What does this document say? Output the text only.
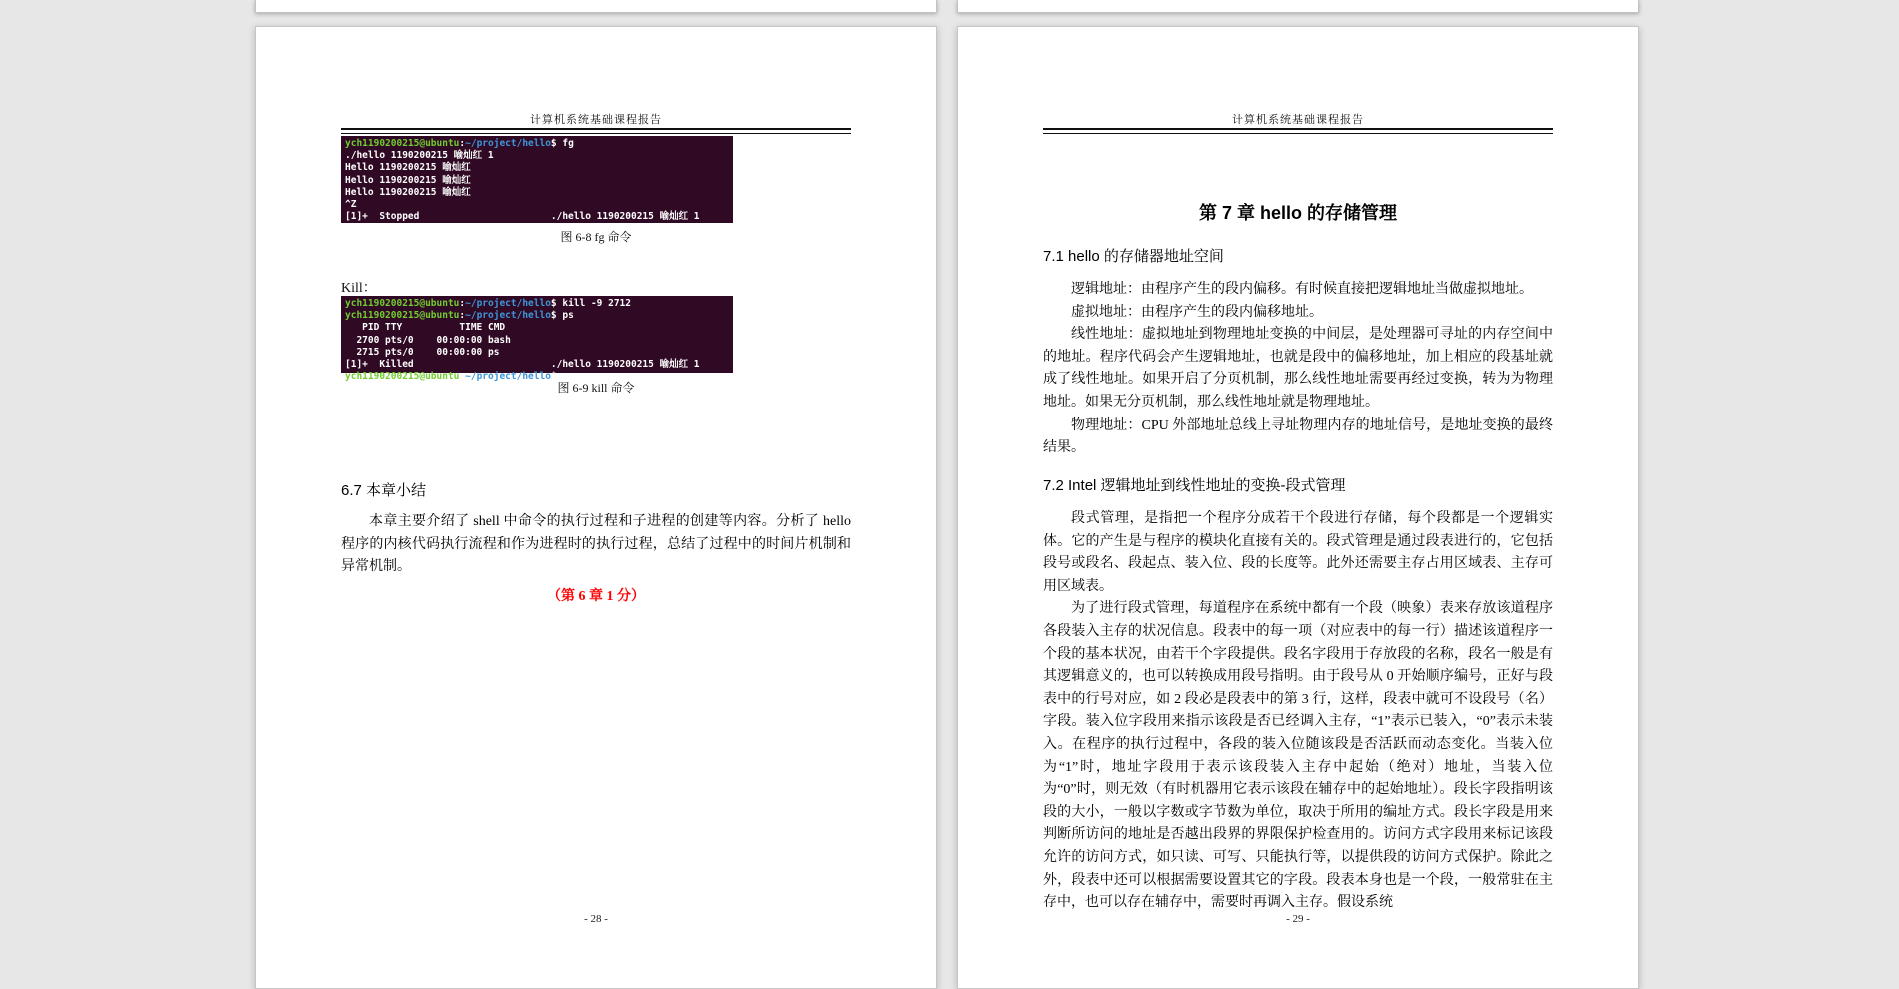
计算机系统基础课程报告
ych1190200215@ubuntu:~/project/hello$ fg
./hello 1190200215 喻灿红 1
Hello 1190200215 喻灿红
Hello 1190200215 喻灿红
Hello 1190200215 喻灿红
^Z
[1]+  Stopped                       ./hello 1190200215 喻灿红 1
图 6-8 fg 命令
Kill：
ych1190200215@ubuntu:~/project/hello$ kill -9 2712
ych1190200215@ubuntu:~/project/hello$ ps
PID TTY          TIME CMD
2700 pts/0    00:00:00 bash
2715 pts/0    00:00:00 ps
[1]+  Killed                        ./hello 1190200215 喻灿红 1
ych1190200215@ubuntu:~/project/hello$
图 6-9 kill 命令
6.7 本章小结

本章主要介绍了 shell 中命令的执行过程和子进程的创建等内容。分析了 hello 程序的内核代码执行流程和作为进程时的执行过程，总结了过程中的时间片机制和异常机制。

（第 6 章 1 分）
- 28 -
计算机系统基础课程报告
第 7 章 hello 的存储管理
7.1 hello 的存储器地址空间

逻辑地址：由程序产生的段内偏移。有时候直接把逻辑地址当做虚拟地址。

虚拟地址：由程序产生的段内偏移地址。

线性地址：虚拟地址到物理地址变换的中间层，是处理器可寻址的内存空间中的地址。程序代码会产生逻辑地址，也就是段中的偏移地址，加上相应的段基址就成了线性地址。如果开启了分页机制，那么线性地址需要再经过变换，转为为物理地址。如果无分页机制，那么线性地址就是物理地址。

物理地址：CPU 外部地址总线上寻址物理内存的地址信号，是地址变换的最终结果。

7.2 Intel 逻辑地址到线性地址的变换-段式管理

段式管理，是指把一个程序分成若干个段进行存储，每个段都是一个逻辑实体。它的产生是与程序的模块化直接有关的。段式管理是通过段表进行的，它包括段号或段名、段起点、装入位、段的长度等。此外还需要主存占用区域表、主存可用区域表。

为了进行段式管理，每道程序在系统中都有一个段（映象）表来存放该道程序各段装入主存的状况信息。段表中的每一项（对应表中的每一行）描述该道程序一个段的基本状况，由若干个字段提供。段名字段用于存放段的名称，段名一般是有其逻辑意义的，也可以转换成用段号指明。由于段号从 0 开始顺序编号，正好与段表中的行号对应，如 2 段必是段表中的第 3 行，这样，段表中就可不设段号（名）字段。装入位字段用来指示该段是否已经调入主存，“1”表示已装入，“0”表示未装入。在程序的执行过程中，各段的装入位随该段是否活跃而动态变化。当装入位为“1”时，地址字段用于表示该段装入主存中起始（绝对）地址，当装入位为“0”时，则无效（有时机器用它表示该段在辅存中的起始地址）。段长字段指明该段的大小，一般以字数或字节数为单位，取决于所用的编址方式。段长字段是用来判断所访问的地址是否越出段界的界限保护检查用的。访问方式字段用来标记该段允许的访问方式，如只读、可写、只能执行等，以提供段的访问方式保护。除此之外，段表中还可以根据需要设置其它的字段。段表本身也是一个段，一般常驻在主存中，也可以存在辅存中，需要时再调入主存。假设系统

- 29 -
